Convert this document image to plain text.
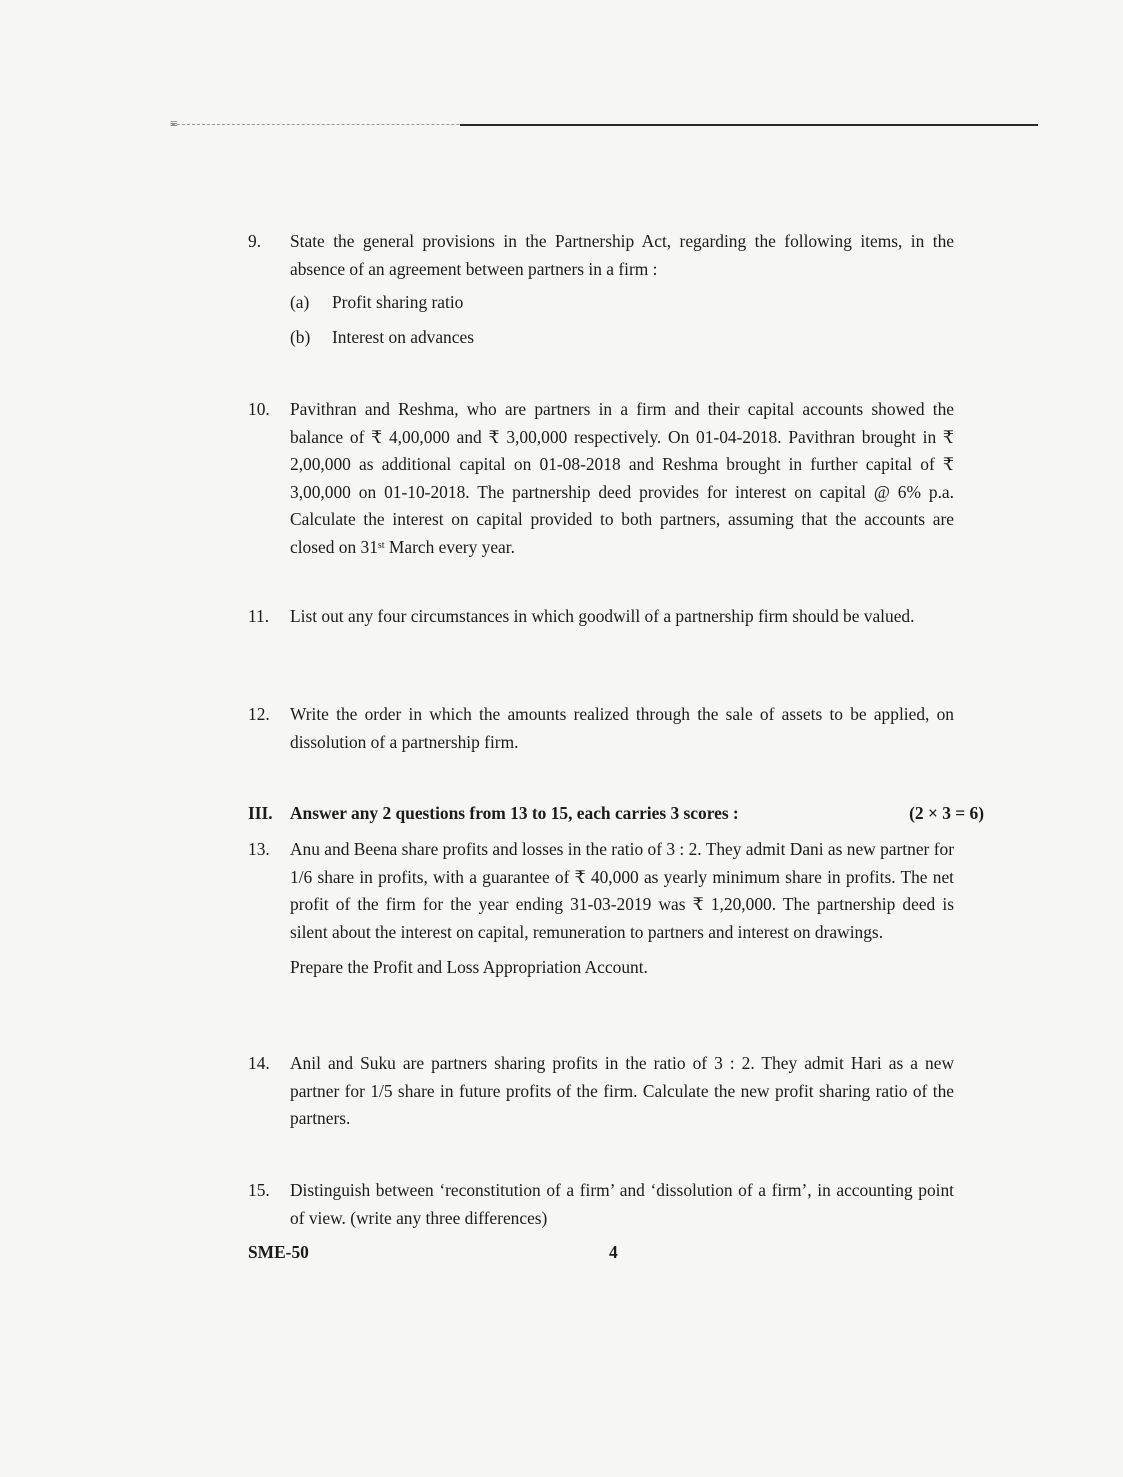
≡
9.	State the general provisions in the Partnership Act, regarding the following items, in the absence of an agreement between partners in a firm :
(a) Profit sharing ratio
(b) Interest on advances
10.	Pavithran and Reshma, who are partners in a firm and their capital accounts showed the balance of ₹ 4,00,000 and ₹ 3,00,000 respectively. On 01-04-2018. Pavithran brought in ₹ 2,00,000 as additional capital on 01-08-2018 and Reshma brought in further capital of ₹ 3,00,000 on 01-10-2018. The partnership deed provides for interest on capital @ 6% p.a. Calculate the interest on capital provided to both partners, assuming that the accounts are closed on 31st March every year.
11.	List out any four circumstances in which goodwill of a partnership firm should be valued.
12.	Write the order in which the amounts realized through the sale of assets to be applied, on dissolution of a partnership firm.
III. Answer any 2 questions from 13 to 15, each carries 3 scores :	(2 × 3 = 6)
13.	Anu and Beena share profits and losses in the ratio of 3 : 2. They admit Dani as new partner for 1/6 share in profits, with a guarantee of ₹ 40,000 as yearly minimum share in profits. The net profit of the firm for the year ending 31-03-2019 was ₹ 1,20,000. The partnership deed is silent about the interest on capital, remuneration to partners and interest on drawings.
Prepare the Profit and Loss Appropriation Account.
14.	Anil and Suku are partners sharing profits in the ratio of 3 : 2. They admit Hari as a new partner for 1/5 share in future profits of the firm. Calculate the new profit sharing ratio of the partners.
15.	Distinguish between ‘reconstitution of a firm’ and ‘dissolution of a firm’, in accounting point of view. (write any three differences)
SME-50	4
